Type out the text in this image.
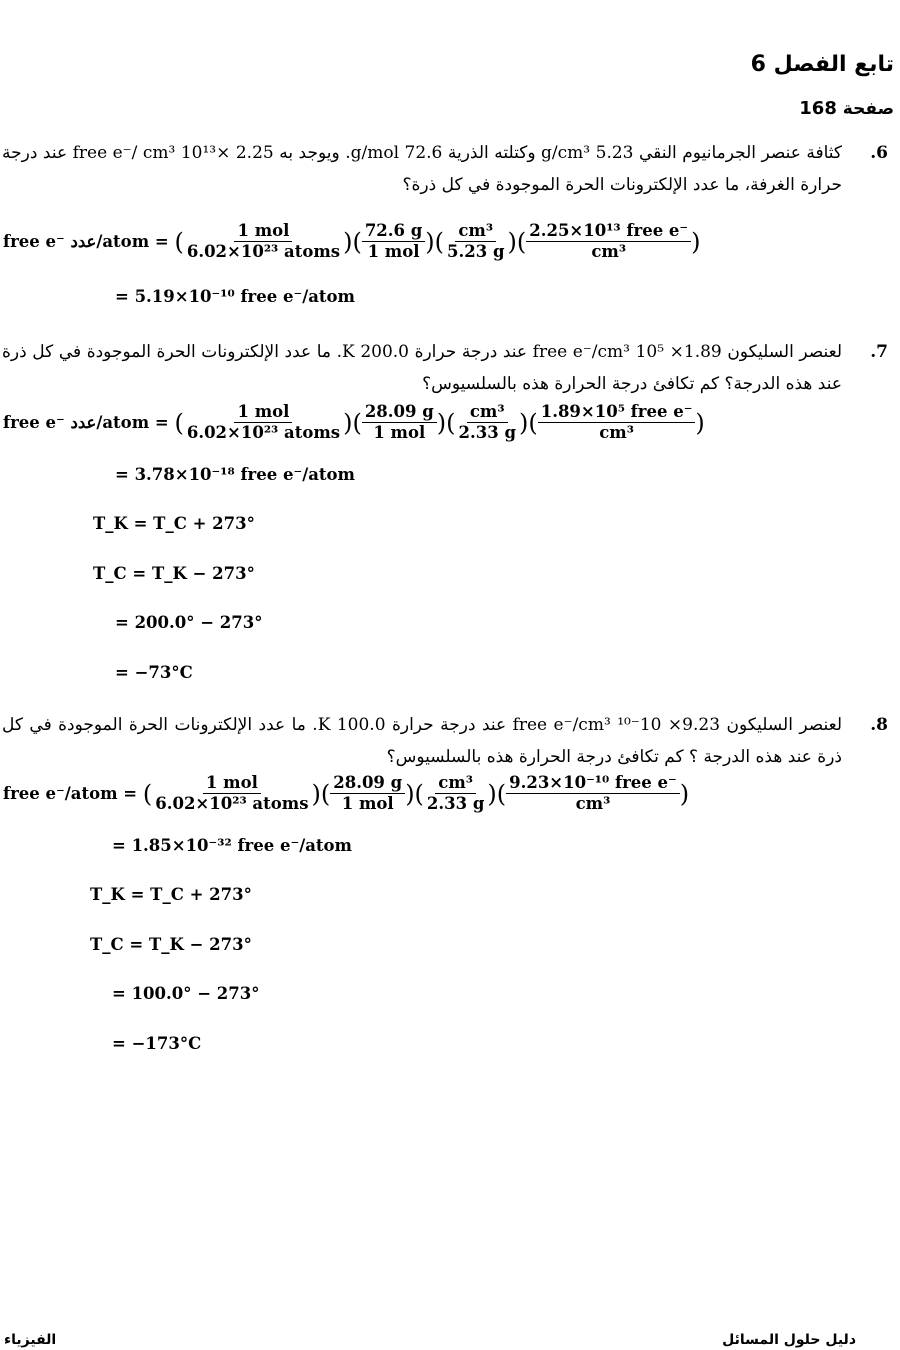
تابع الفصل 6
صفحة 168
6.
كثافة عنصر الجرمانيوم النقي 5.23 g/cm³ وكتلته الذرية 72.6 g/mol. ويوجد به 2.25 ×10¹³ free e⁻/ cm³ عند درجة حرارة الغرفة، ما عدد الإلكترونات الحرة الموجودة في كل ذرة؟
free e⁻ عدد/atom =
( $\frac{\text{1 mol}}{\text{6.02×10²³ atoms}}$ )( $\frac{72.6 g}{\text{1 mol}}$ )( $\frac{\text{cm³}}{5.23 g}$ )( $\frac{\text{2.25×10¹³ free e⁻}}{\text{cm³}}$ )
= 5.19×10⁻¹⁰ free e⁻/atom
7.
لعنصر السليكون 1.89× 10⁵ free e⁻/cm³ عند درجة حرارة 200.0 K. ما عدد الإلكترونات الحرة الموجودة في كل ذرة عند هذه الدرجة؟ كم تكافئ درجة الحرارة هذه بالسلسيوس؟
free e⁻ عدد/atom =
( $\frac{\text{1 mol}}{\text{6.02×10²³ atoms}}$ )( $\frac{28.09 g}{\text{1 mol}}$ )( $\frac{\text{cm³}}{2.33 g}$ )( $\frac{\text{1.89×10⁵ free e⁻}}{\text{cm³}}$ )
= 3.78×10⁻¹⁸ free e⁻/atom
T_K = T_C + 273°
T_C = T_K − 273°
= 200.0° − 273°
= −73°C
8.
لعنصر السليكون 9.23× 10⁻¹⁰ free e⁻/cm³ عند درجة حرارة 100.0 K. ما عدد الإلكترونات الحرة الموجودة في كل ذرة عند هذه الدرجة ؟ كم تكافئ درجة الحرارة هذه بالسلسيوس؟
free e⁻/atom =
( $\frac{\text{1 mol}}{\text{6.02×10²³ atoms}}$ )( $\frac{28.09 g}{\text{1 mol}}$ )( $\frac{\text{cm³}}{2.33 g}$ )( $\frac{\text{9.23×10⁻¹⁰ free e⁻}}{\text{cm³}}$ )
= 1.85×10⁻³² free e⁻/atom
T_K = T_C + 273°
T_C = T_K − 273°
= 100.0° − 273°
= −173°C
الفيزياء	دليل حلول المسائل
